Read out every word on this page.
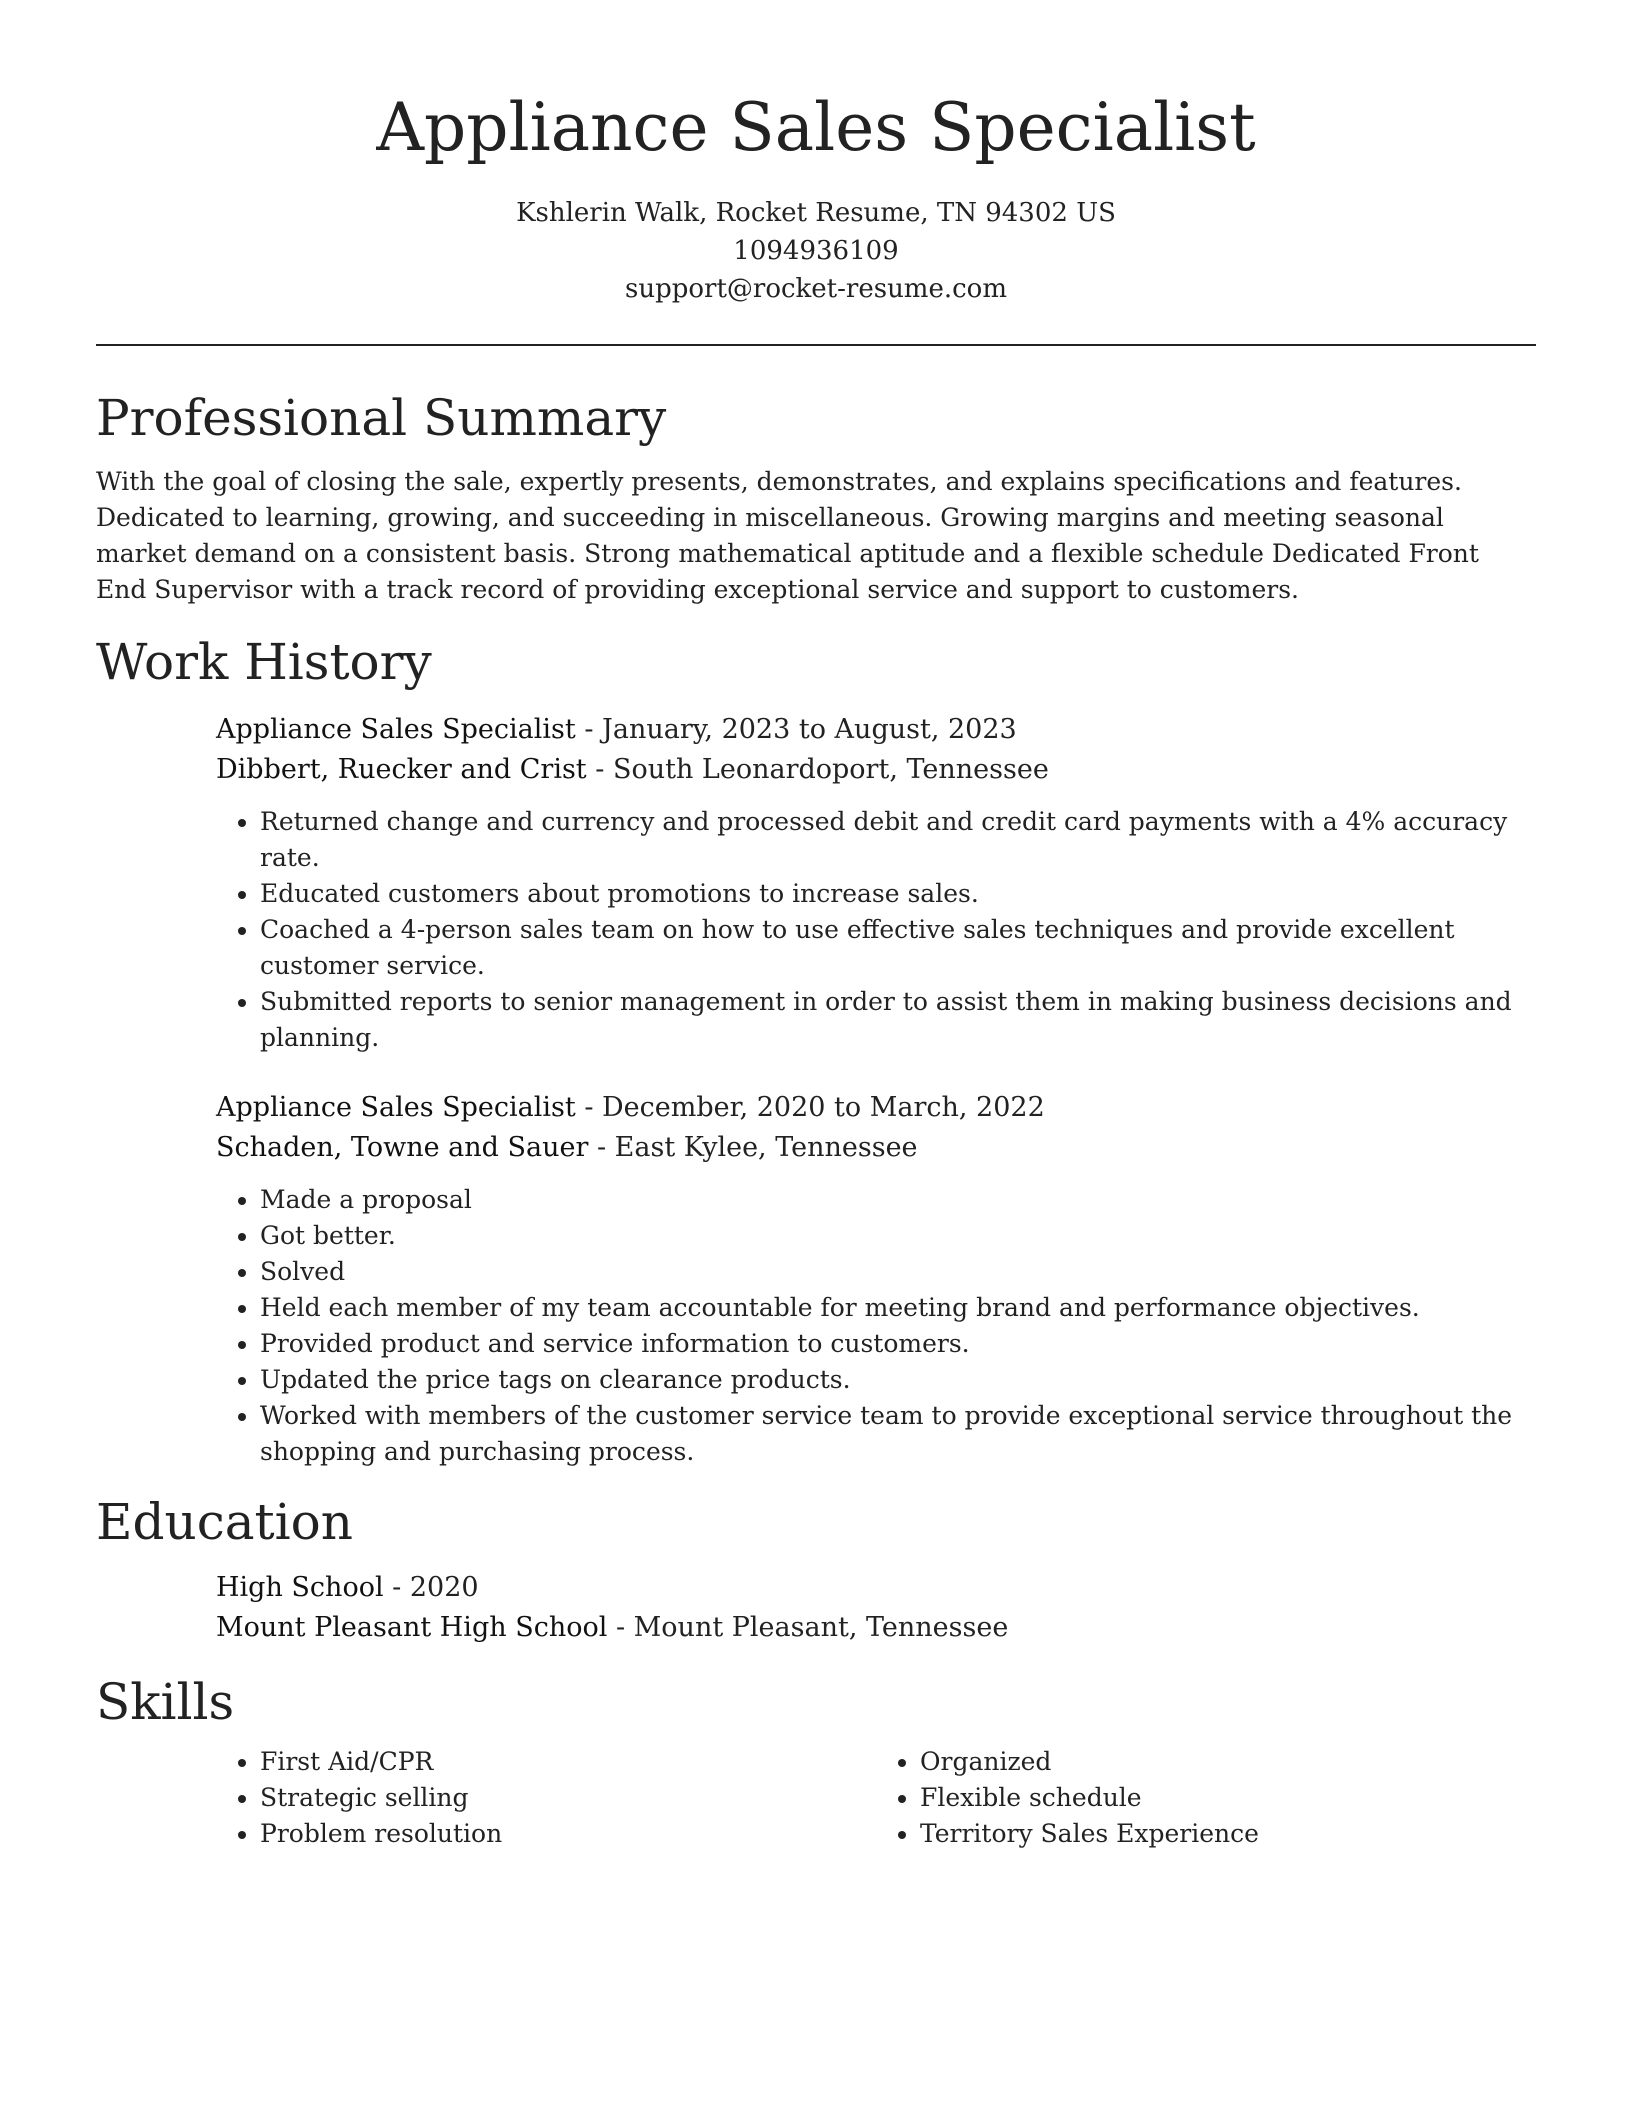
Appliance Sales Specialist

Kshlerin Walk, Rocket Resume, TN 94302 US

1094936109

support@rocket-resume.com

Professional Summary

With the goal of closing the sale, expertly presents, demonstrates, and explains specifications and features. Dedicated to learning, growing, and succeeding in miscellaneous. Growing margins and meeting seasonal market demand on a consistent basis. Strong mathematical aptitude and a flexible schedule Dedicated Front End Supervisor with a track record of providing exceptional service and support to customers.

Work History

Appliance Sales Specialist - January, 2023 to August, 2023

Dibbert, Ruecker and Crist - South Leonardoport, Tennessee

• Returned change and currency and processed debit and credit card payments with a 4% accuracy rate.
• Educated customers about promotions to increase sales.
• Coached a 4-person sales team on how to use effective sales techniques and provide excellent customer service.
• Submitted reports to senior management in order to assist them in making business decisions and planning.

Appliance Sales Specialist - December, 2020 to March, 2022

Schaden, Towne and Sauer - East Kylee, Tennessee

• Made a proposal
• Got better.
• Solved
• Held each member of my team accountable for meeting brand and performance objectives.
• Provided product and service information to customers.
• Updated the price tags on clearance products.
• Worked with members of the customer service team to provide exceptional service throughout the shopping and purchasing process.
Education

High School - 2020

Mount Pleasant High School - Mount Pleasant, Tennessee

Skills
• First Aid/CPR
• Strategic selling
• Problem resolution
• Organized
• Flexible schedule
• Territory Sales Experience
